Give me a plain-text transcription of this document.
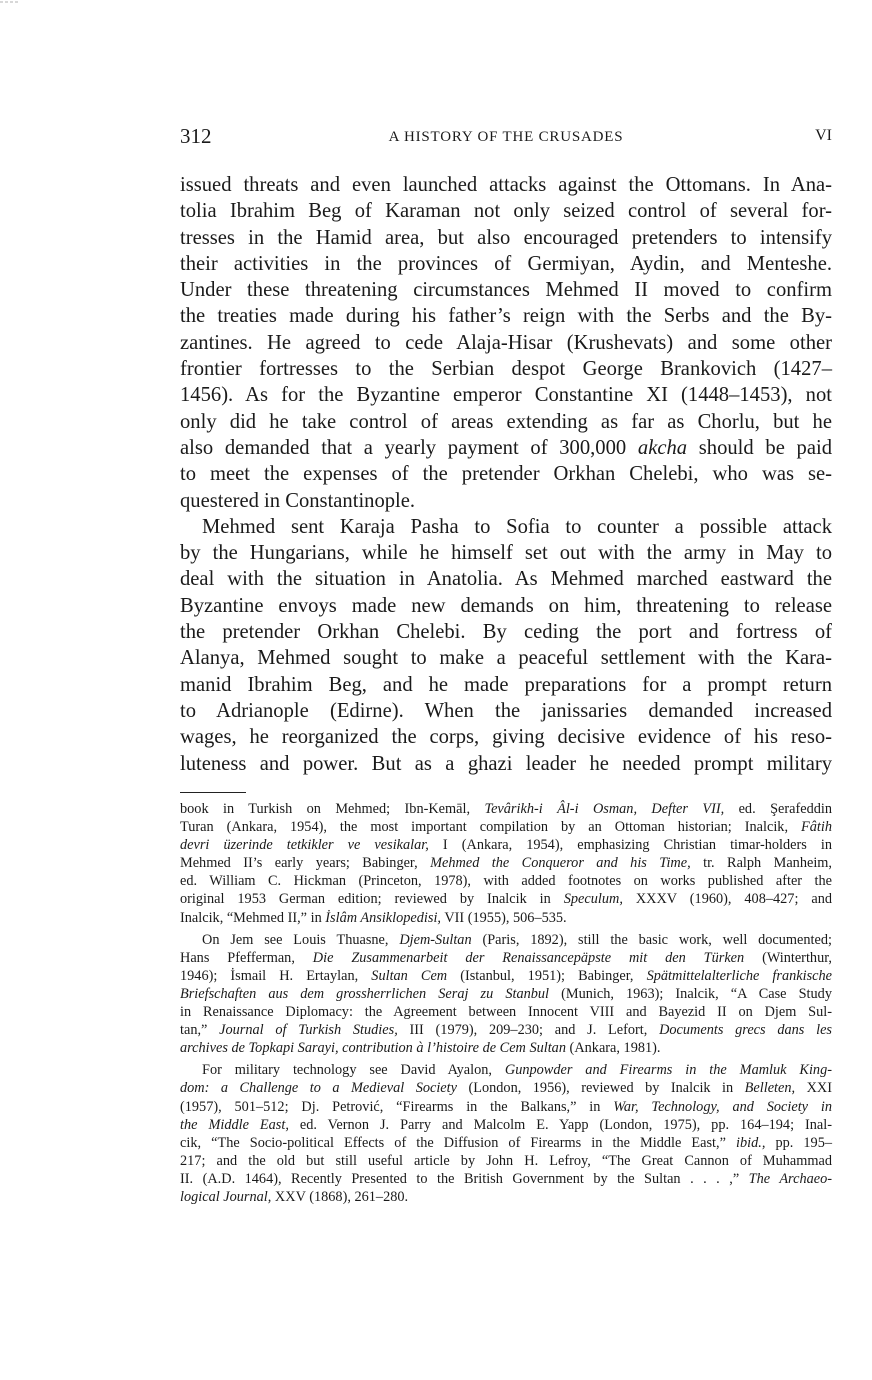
312	A HISTORY OF THE CRUSADES	VI
issued threats and even launched attacks against the Ottomans. In Ana-
tolia Ibrahim Beg of Karaman not only seized control of several for-
tresses in the Hamid area, but also encouraged pretenders to intensify
their activities in the provinces of Germiyan, Aydin, and Menteshe.
Under these threatening circumstances Mehmed II moved to confirm
the treaties made during his father’s reign with the Serbs and the By-
zantines. He agreed to cede Alaja-Hisar (Krushevats) and some other
frontier fortresses to the Serbian despot George Brankovich (1427–
1456). As for the Byzantine emperor Constantine XI (1448–1453), not
only did he take control of areas extending as far as Chorlu, but he
also demanded that a yearly payment of 300,000 akcha should be paid
to meet the expenses of the pretender Orkhan Chelebi, who was se-
questered in Constantinople.
Mehmed sent Karaja Pasha to Sofia to counter a possible attack
by the Hungarians, while he himself set out with the army in May to
deal with the situation in Anatolia. As Mehmed marched eastward the
Byzantine envoys made new demands on him, threatening to release
the pretender Orkhan Chelebi. By ceding the port and fortress of
Alanya, Mehmed sought to make a peaceful settlement with the Kara-
manid Ibrahim Beg, and he made preparations for a prompt return
to Adrianople (Edirne). When the janissaries demanded increased
wages, he reorganized the corps, giving decisive evidence of his reso-
luteness and power. But as a ghazi leader he needed prompt military
book in Turkish on Mehmed; Ibn-Kemāl, Tevârikh-i Âl-i Osman, Defter VII, ed. Şerafeddin
Turan (Ankara, 1954), the most important compilation by an Ottoman historian; Inalcik, Fâtih
devri üzerinde tetkikler ve vesikalar, I (Ankara, 1954), emphasizing Christian timar-holders in
Mehmed II’s early years; Babinger, Mehmed the Conqueror and his Time, tr. Ralph Manheim,
ed. William C. Hickman (Princeton, 1978), with added footnotes on works published after the
original 1953 German edition; reviewed by Inalcik in Speculum, XXXV (1960), 408–427; and
Inalcik, “Mehmed II,” in İslâm Ansiklopedisi, VII (1955), 506–535.
On Jem see Louis Thuasne, Djem-Sultan (Paris, 1892), still the basic work, well documented;
Hans Pfefferman, Die Zusammenarbeit der Renaissancepäpste mit den Türken (Winterthur,
1946); İsmail H. Ertaylan, Sultan Cem (Istanbul, 1951); Babinger, Spätmittelalterliche frankische
Briefschaften aus dem grossherrlichen Seraj zu Stanbul (Munich, 1963); Inalcik, “A Case Study
in Renaissance Diplomacy: the Agreement between Innocent VIII and Bayezid II on Djem Sul-
tan,” Journal of Turkish Studies, III (1979), 209–230; and J. Lefort, Documents grecs dans les
archives de Topkapi Sarayi, contribution à l’histoire de Cem Sultan (Ankara, 1981).
For military technology see David Ayalon, Gunpowder and Firearms in the Mamluk King-
dom: a Challenge to a Medieval Society (London, 1956), reviewed by Inalcik in Belleten, XXI
(1957), 501–512; Dj. Petrović, “Firearms in the Balkans,” in War, Technology, and Society in
the Middle East, ed. Vernon J. Parry and Malcolm E. Yapp (London, 1975), pp. 164–194; Inal-
cik, “The Socio-political Effects of the Diffusion of Firearms in the Middle East,” ibid., pp. 195–
217; and the old but still useful article by John H. Lefroy, “The Great Cannon of Muhammad
II. (A.D. 1464), Recently Presented to the British Government by the Sultan . . . ,” The Archaeo-
logical Journal, XXV (1868), 261–280.
